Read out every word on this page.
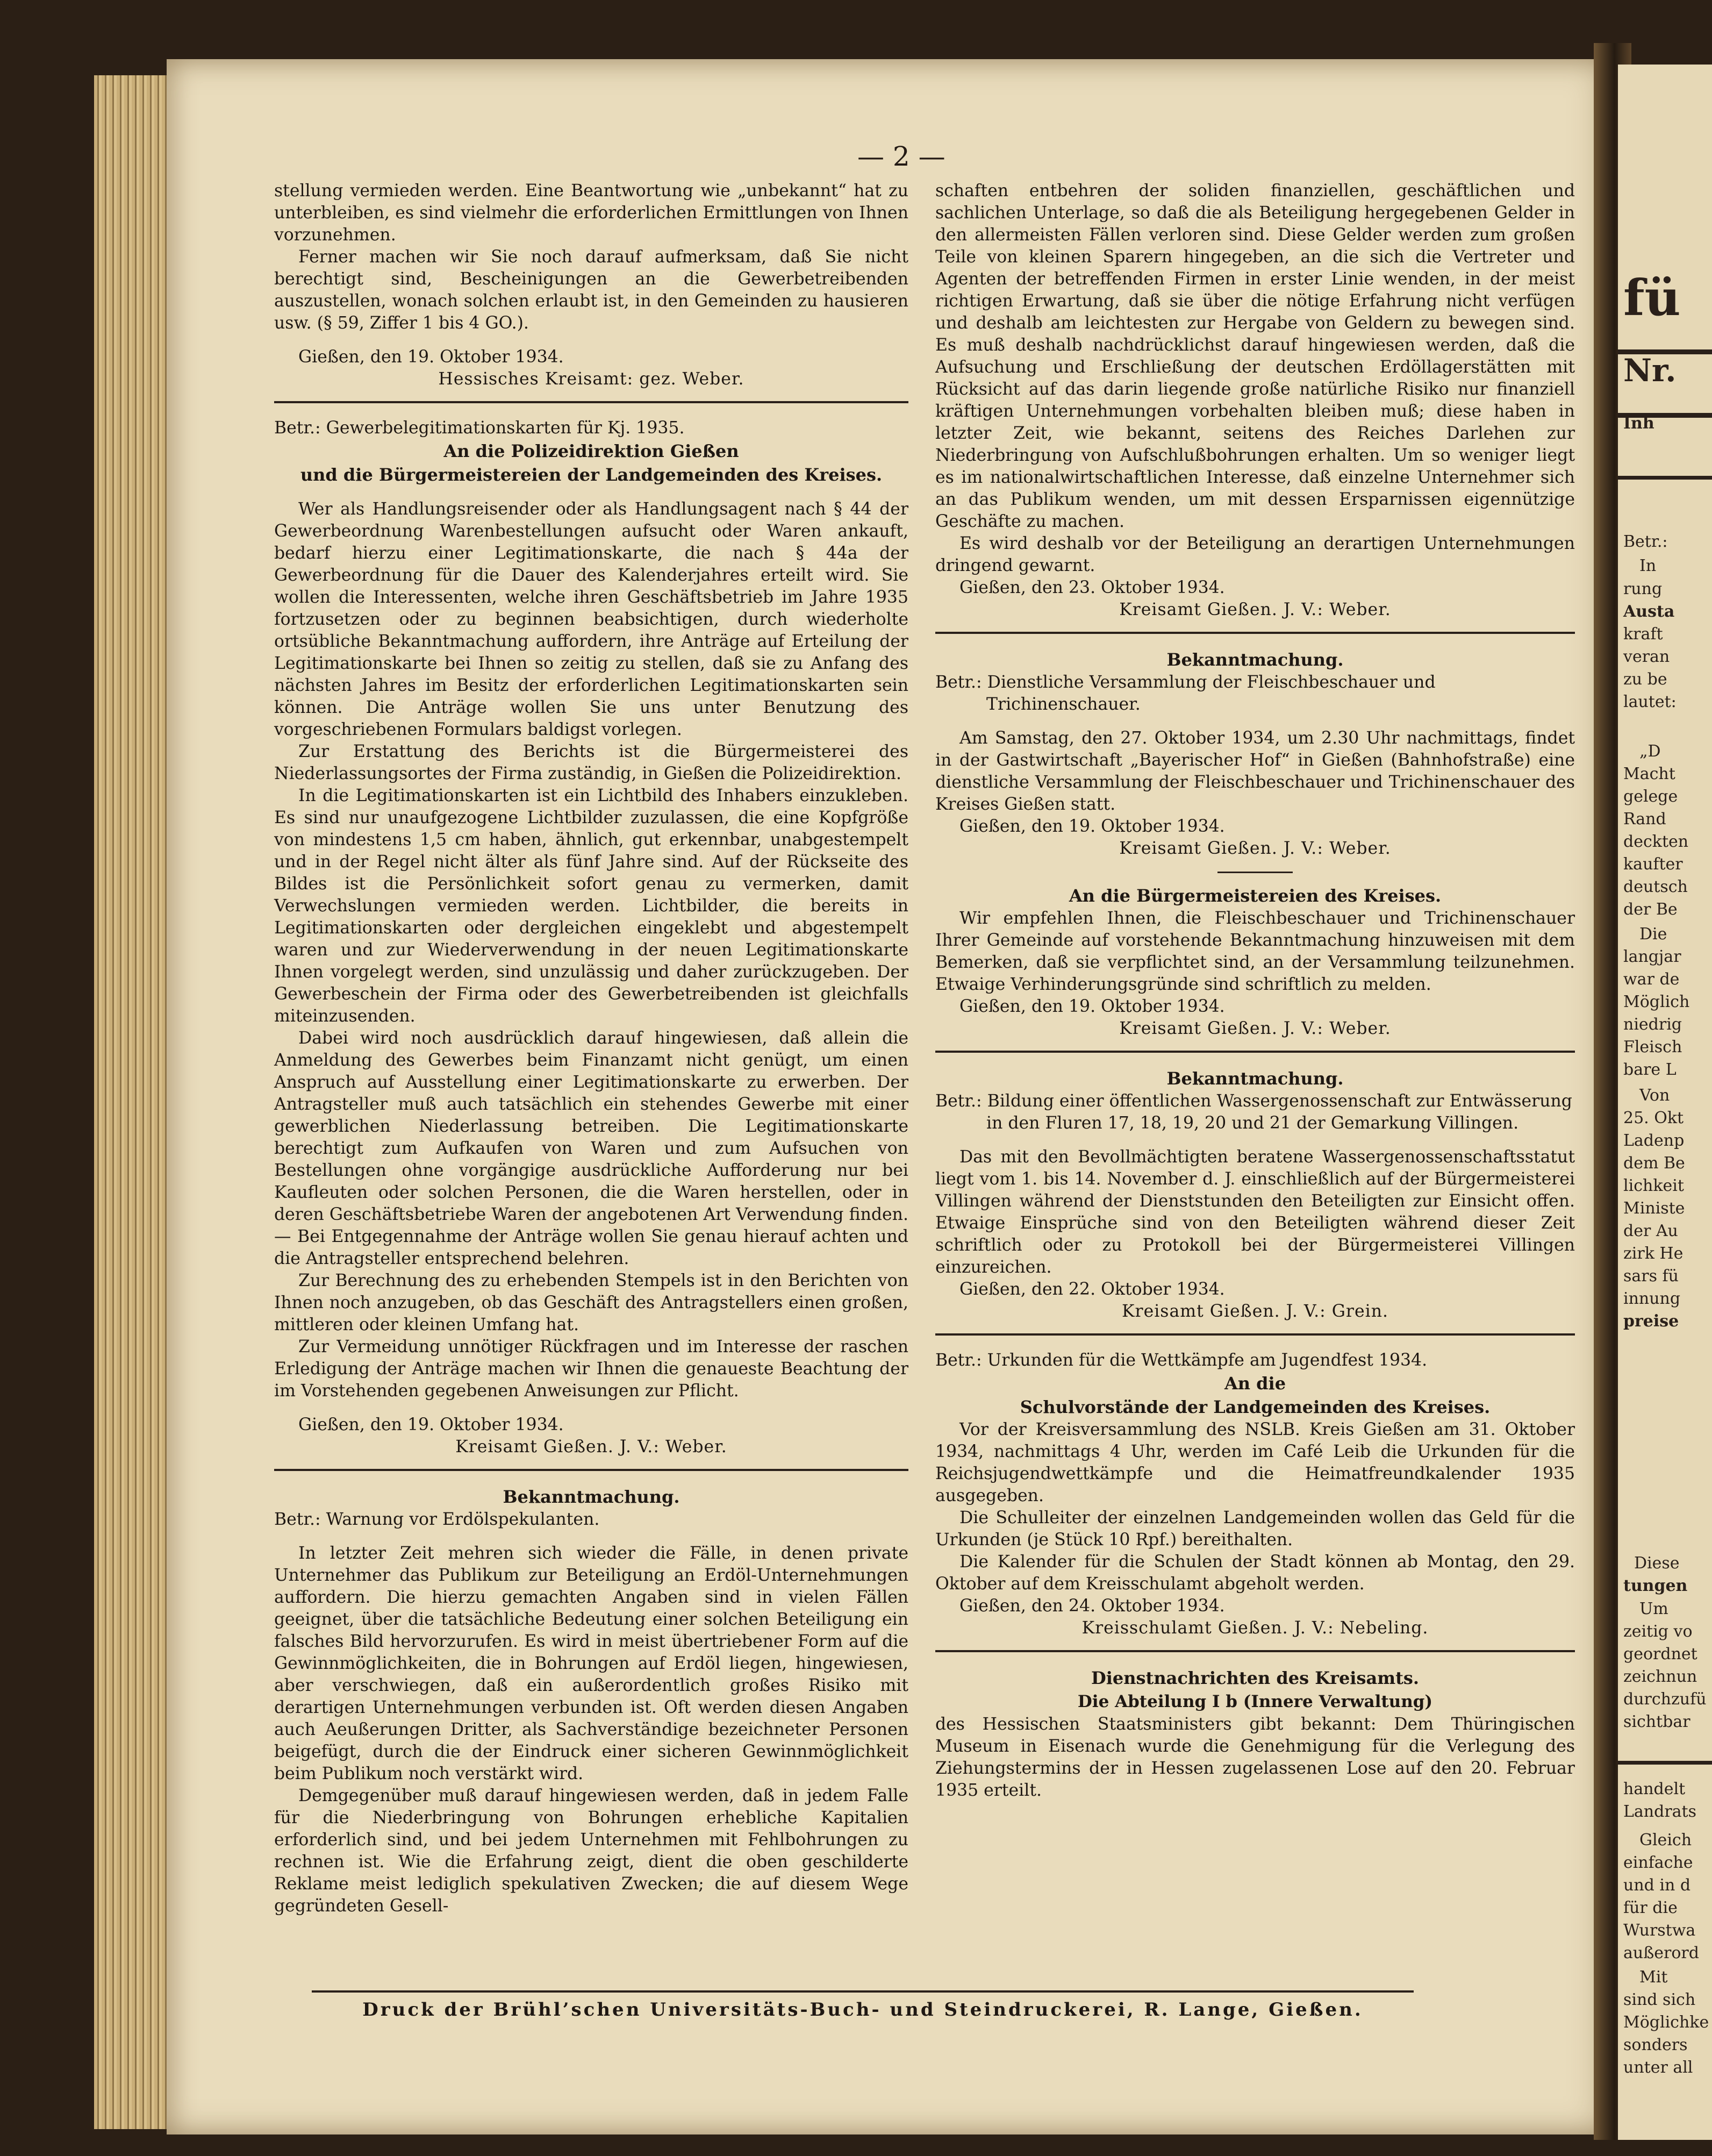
fü
Nr.
Inh
Betr.:
In
rung
Austa
kraft
veran
zu be
lautet:
„D
Macht
gelege
Rand
deckten
kaufter
deutsch
der Be
Die
langjar
war de
Möglich
niedrig
Fleisch
bare L
Von
25. Okt
Ladenp
dem Be
lichkeit
Ministe
der Au
zirk He
sars fü
innung
preise
Diese
tungen
Um
zeitig vo
geordnet
zeichnun
durchzufü
sichtbar
handelt
Landrats
Gleich
einfache
und in d
für die
Wurstwa
außerord
Mit
sind sich
Möglichke
sonders
unter all
— 2 —

stellung vermieden werden. Eine Beantwortung wie „unbekannt“ hat zu unterbleiben, es sind vielmehr die erforderlichen Ermittlungen von Ihnen vorzunehmen.

Ferner machen wir Sie noch darauf aufmerksam, daß Sie nicht berechtigt sind, Bescheinigungen an die Gewerbetreibenden auszustellen, wonach solchen erlaubt ist, in den Gemeinden zu hausieren usw. (§ 59, Ziffer 1 bis 4 GO.).

Gießen, den 19. Oktober 1934.

Hessisches Kreisamt: gez. Weber.

Betr.: Gewerbelegitimationskarten für Kj. 1935.

An die Polizeidirektion Gießen

und die Bürgermeistereien der Landgemeinden des Kreises.

Wer als Handlungsreisender oder als Handlungsagent nach § 44 der Gewerbeordnung Warenbestellungen aufsucht oder Waren ankauft, bedarf hierzu einer Legitimationskarte, die nach § 44a der Gewerbeordnung für die Dauer des Kalenderjahres erteilt wird. Sie wollen die Interessenten, welche ihren Geschäftsbetrieb im Jahre 1935 fortzusetzen oder zu beginnen beabsichtigen, durch wiederholte ortsübliche Bekanntmachung auffordern, ihre Anträge auf Erteilung der Legitimationskarte bei Ihnen so zeitig zu stellen, daß sie zu Anfang des nächsten Jahres im Besitz der erforderlichen Legitimationskarten sein können. Die Anträge wollen Sie uns unter Benutzung des vorgeschriebenen Formulars baldigst vorlegen.

Zur Erstattung des Berichts ist die Bürgermeisterei des Niederlassungsortes der Firma zuständig, in Gießen die Polizeidirektion.

In die Legitimationskarten ist ein Lichtbild des Inhabers einzukleben. Es sind nur unaufgezogene Lichtbilder zuzulassen, die eine Kopfgröße von mindestens 1,5 cm haben, ähnlich, gut erkennbar, unabgestempelt und in der Regel nicht älter als fünf Jahre sind. Auf der Rückseite des Bildes ist die Persönlichkeit sofort genau zu vermerken, damit Verwechslungen vermieden werden. Lichtbilder, die bereits in Legitimationskarten oder dergleichen eingeklebt und abgestempelt waren und zur Wiederverwendung in der neuen Legitimationskarte Ihnen vorgelegt werden, sind unzulässig und daher zurückzugeben. Der Gewerbeschein der Firma oder des Gewerbetreibenden ist gleichfalls miteinzusenden.

Dabei wird noch ausdrücklich darauf hingewiesen, daß allein die Anmeldung des Gewerbes beim Finanzamt nicht genügt, um einen Anspruch auf Ausstellung einer Legitimationskarte zu erwerben. Der Antragsteller muß auch tatsächlich ein stehendes Gewerbe mit einer gewerblichen Niederlassung betreiben. Die Legitimationskarte berechtigt zum Aufkaufen von Waren und zum Aufsuchen von Bestellungen ohne vorgängige ausdrückliche Aufforderung nur bei Kaufleuten oder solchen Personen, die die Waren herstellen, oder in deren Geschäftsbetriebe Waren der angebotenen Art Verwendung finden. — Bei Entgegennahme der Anträge wollen Sie genau hierauf achten und die Antragsteller entsprechend belehren.

Zur Berechnung des zu erhebenden Stempels ist in den Berichten von Ihnen noch anzugeben, ob das Geschäft des Antragstellers einen großen, mittleren oder kleinen Umfang hat.

Zur Vermeidung unnötiger Rückfragen und im Interesse der raschen Erledigung der Anträge machen wir Ihnen die genaueste Beachtung der im Vorstehenden gegebenen Anweisungen zur Pflicht.

Gießen, den 19. Oktober 1934.

Kreisamt Gießen. J. V.: Weber.

Bekanntmachung.

Betr.: Warnung vor Erdölspekulanten.

In letzter Zeit mehren sich wieder die Fälle, in denen private Unternehmer das Publikum zur Beteiligung an Erdöl-Unternehmungen auffordern. Die hierzu gemachten Angaben sind in vielen Fällen geeignet, über die tatsächliche Bedeutung einer solchen Beteiligung ein falsches Bild hervorzurufen. Es wird in meist übertriebener Form auf die Gewinnmöglichkeiten, die in Bohrungen auf Erdöl liegen, hingewiesen, aber verschwiegen, daß ein außerordentlich großes Risiko mit derartigen Unternehmungen verbunden ist. Oft werden diesen Angaben auch Aeußerungen Dritter, als Sachverständige bezeichneter Personen beigefügt, durch die der Eindruck einer sicheren Gewinnmöglichkeit beim Publikum noch verstärkt wird.

Demgegenüber muß darauf hingewiesen werden, daß in jedem Falle für die Niederbringung von Bohrungen erhebliche Kapitalien erforderlich sind, und bei jedem Unternehmen mit Fehlbohrungen zu rechnen ist. Wie die Erfahrung zeigt, dient die oben geschilderte Reklame meist lediglich spekulativen Zwecken; die auf diesem Wege gegründeten Gesell-

schaften entbehren der soliden finanziellen, geschäftlichen und sachlichen Unterlage, so daß die als Beteiligung hergegebenen Gelder in den allermeisten Fällen verloren sind. Diese Gelder werden zum großen Teile von kleinen Sparern hingegeben, an die sich die Vertreter und Agenten der betreffenden Firmen in erster Linie wenden, in der meist richtigen Erwartung, daß sie über die nötige Erfahrung nicht verfügen und deshalb am leichtesten zur Hergabe von Geldern zu bewegen sind. Es muß deshalb nachdrücklichst darauf hingewiesen werden, daß die Aufsuchung und Erschließung der deutschen Erdöllagerstätten mit Rücksicht auf das darin liegende große natürliche Risiko nur finanziell kräftigen Unternehmungen vorbehalten bleiben muß; diese haben in letzter Zeit, wie bekannt, seitens des Reiches Darlehen zur Niederbringung von Aufschlußbohrungen erhalten. Um so weniger liegt es im nationalwirtschaftlichen Interesse, daß einzelne Unternehmer sich an das Publikum wenden, um mit dessen Ersparnissen eigennützige Geschäfte zu machen.

Es wird deshalb vor der Beteiligung an derartigen Unternehmungen dringend gewarnt.

Gießen, den 23. Oktober 1934.

Kreisamt Gießen. J. V.: Weber.

Bekanntmachung.

Betr.: Dienstliche Versammlung der Fleischbeschauer und Trichinenschauer.

Am Samstag, den 27. Oktober 1934, um 2.30 Uhr nachmittags, findet in der Gastwirtschaft „Bayerischer Hof“ in Gießen (Bahnhofstraße) eine dienstliche Versammlung der Fleischbeschauer und Trichinenschauer des Kreises Gießen statt.

Gießen, den 19. Oktober 1934.

Kreisamt Gießen. J. V.: Weber.

An die Bürgermeistereien des Kreises.

Wir empfehlen Ihnen, die Fleischbeschauer und Trichinenschauer Ihrer Gemeinde auf vorstehende Bekanntmachung hinzuweisen mit dem Bemerken, daß sie verpflichtet sind, an der Versammlung teilzunehmen. Etwaige Verhinderungsgründe sind schriftlich zu melden.

Gießen, den 19. Oktober 1934.

Kreisamt Gießen. J. V.: Weber.

Bekanntmachung.

Betr.: Bildung einer öffentlichen Wassergenossenschaft zur Entwässerung in den Fluren 17, 18, 19, 20 und 21 der Gemarkung Villingen.

Das mit den Bevollmächtigten beratene Wassergenossenschaftsstatut liegt vom 1. bis 14. November d. J. einschließlich auf der Bürgermeisterei Villingen während der Dienststunden den Beteiligten zur Einsicht offen. Etwaige Einsprüche sind von den Beteiligten während dieser Zeit schriftlich oder zu Protokoll bei der Bürgermeisterei Villingen einzureichen.

Gießen, den 22. Oktober 1934.

Kreisamt Gießen. J. V.: Grein.

Betr.: Urkunden für die Wettkämpfe am Jugendfest 1934.

An die

Schulvorstände der Landgemeinden des Kreises.

Vor der Kreisversammlung des NSLB. Kreis Gießen am 31. Oktober 1934, nachmittags 4 Uhr, werden im Café Leib die Urkunden für die Reichsjugendwettkämpfe und die Heimatfreundkalender 1935 ausgegeben.

Die Schulleiter der einzelnen Landgemeinden wollen das Geld für die Urkunden (je Stück 10 Rpf.) bereithalten.

Die Kalender für die Schulen der Stadt können ab Montag, den 29. Oktober auf dem Kreisschulamt abgeholt werden.

Gießen, den 24. Oktober 1934.

Kreisschulamt Gießen. J. V.: Nebeling.

Dienstnachrichten des Kreisamts.

Die Abteilung I b (Innere Verwaltung)

des Hessischen Staatsministers gibt bekannt: Dem Thüringischen Museum in Eisenach wurde die Genehmigung für die Verlegung des Ziehungstermins der in Hessen zugelassenen Lose auf den 20. Februar 1935 erteilt.

Druck der Brühl’schen Universitäts-Buch- und Steindruckerei, R. Lange, Gießen.
